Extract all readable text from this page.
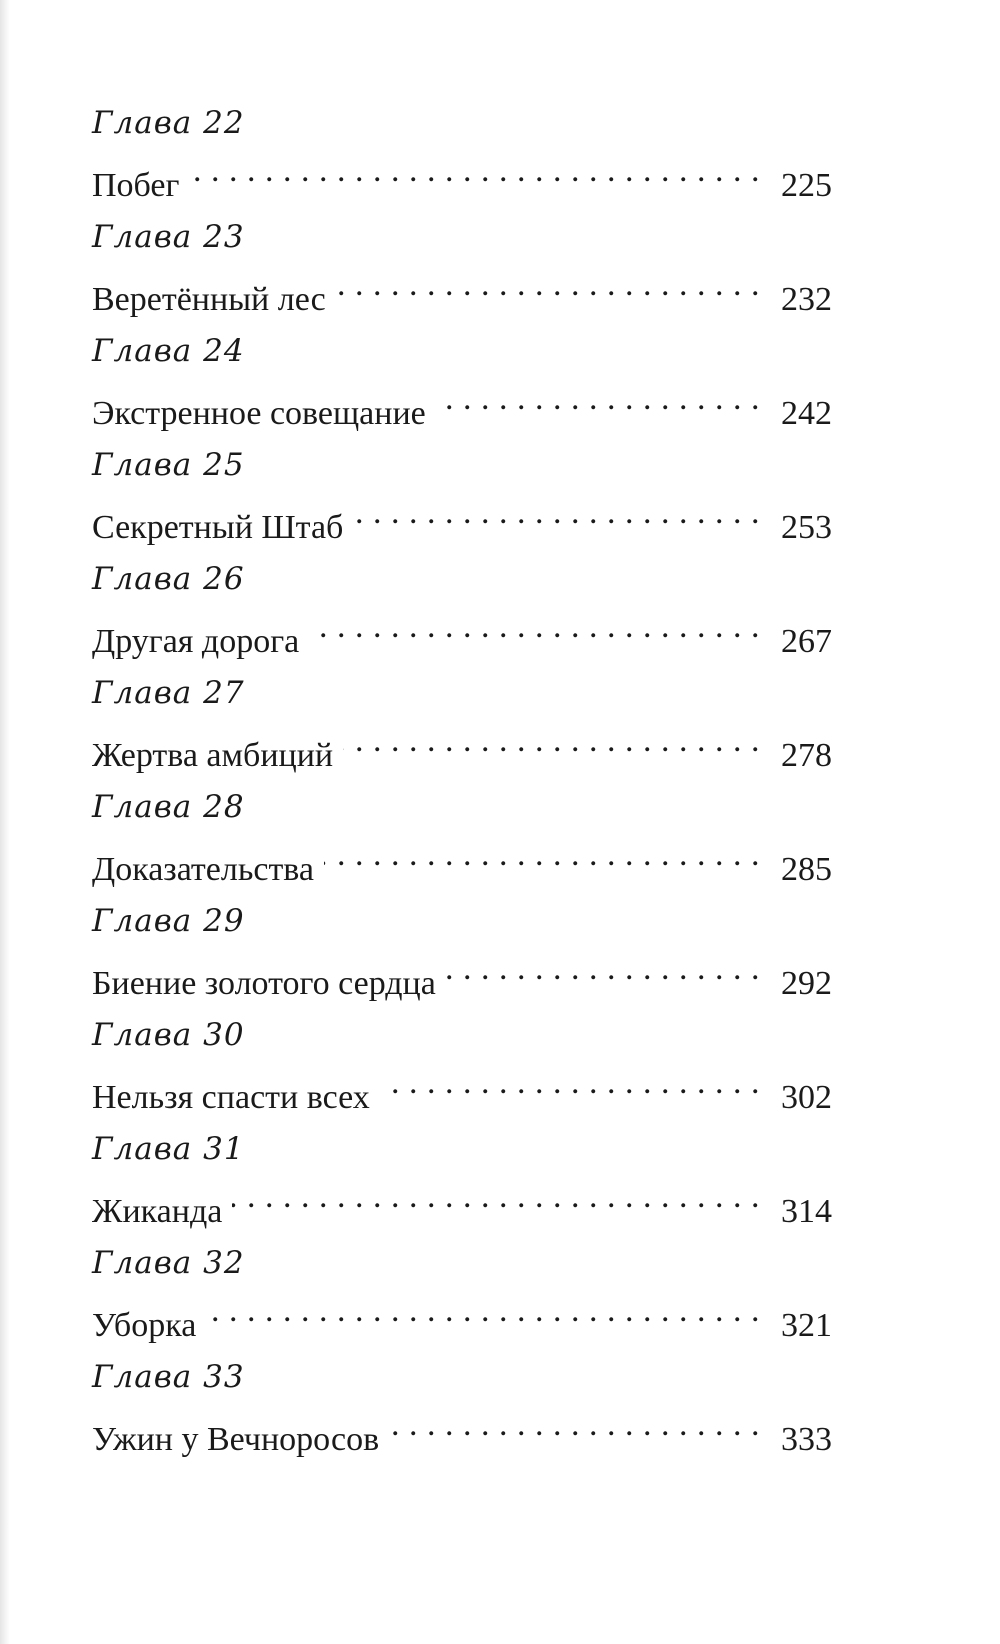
Глава 22
Побег . . .	225
Глава 23
Веретённый лес . . .	232
Глава 24
Экстренное совещание . . .	242
Глава 25
Секретный Штаб . . .	253
Глава 26
Другая дорога . . .	267
Глава 27
Жертва амбиций . . .	278
Глава 28
Доказательства . . .	285
Глава 29
Биение золотого сердца . . .	292
Глава 30
Нельзя спасти всех . . .	302
Глава 31
Жиканда . . .	314
Глава 32
Уборка . . .	321
Глава 33
Ужин у Вечноросов . . .	333
